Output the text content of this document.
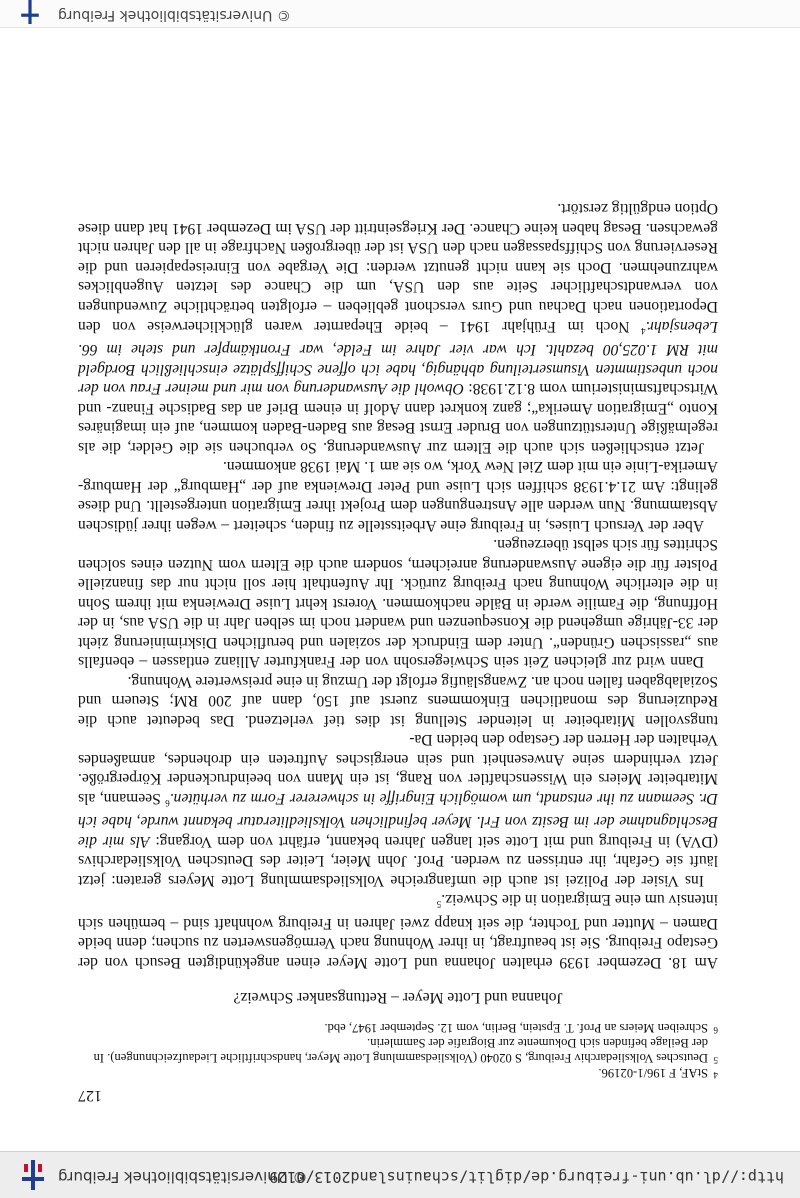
http://dl.ub.uni-freiburg.de/diglit/schauinsland2013/0129
© Universitätsbibliothek Freiburg
127

4
StAF, F 196/1-02196.

5
Deutsches Volksliedarchiv Freiburg, S 02040 (Volksliedsammlung Lotte Meyer, handschriftliche Liedaufzeichnungen). In der Beilage befinden sich Dokumente zur Biografie der Sammlerin.

6
Schreiben Meiers an Prof. T. Epstein, Berlin, vom 12. September 1947, ebd.

Johanna und Lotte Meyer – Rettungsanker Schweiz?

Am 18. Dezember 1939 erhalten Johanna und Lotte Meyer einen angekündigten Besuch von der Gestapo Freiburg. Sie ist beauftragt, in ihrer Wohnung nach Vermögenswerten zu suchen; denn beide Damen – Mutter und Tochter, die seit knapp zwei Jahren in Freiburg wohnhaft sind – bemühen sich intensiv um eine Emigration in die Schweiz.$^5$

Ins Visier der Polizei ist auch die umfangreiche Volksliedsammlung Lotte Meyers geraten: jetzt läuft sie Gefahr, ihr entrissen zu werden. Prof. John Meier, Leiter des Deutschen Volksliedarchivs (DVA) in Freiburg und mit Lotte seit langen Jahren bekannt, erfährt von dem Vorgang: Als mir die Beschlagnahme der im Besitz von Frl. Meyer befindlichen Volksliedliteratur bekannt wurde, habe ich Dr. Seemann zu ihr entsandt, um womöglich Eingriffe in schwererer Form zu verhüten.$^6$ Seemann, als Mitarbeiter Meiers ein Wissenschaftler von Rang, ist ein Mann von beeindruckender Körpergröße. Jetzt verhindern seine Anwesenheit und sein energisches Auftreten ein drohendes, anmaßendes Verhalten der Herren der Gestapo den beiden Da-

tungsvollen Mitarbeiter in leitender Stellung ist dies tief verletzend. Das bedeutet auch die Reduzierung des monatlichen Einkommens zuerst auf 150, dann auf 200 RM; Steuern und Sozialabgaben fallen noch an. Zwangsläufig erfolgt der Umzug in eine preiswertere Wohnung.

Dann wird zur gleichen Zeit sein Schwiegersohn von der Frankfurter Allianz entlassen – ebenfalls aus „rassischen Gründen“. Unter dem Eindruck der sozialen und beruflichen Diskriminierung zieht der 33-Jährige umgehend die Konsequenzen und wandert noch im selben Jahr in die USA aus, in der Hoffnung, die Familie werde in Bälde nachkommen. Vorerst kehrt Luise Drewienka mit ihrem Sohn in die elterliche Wohnung nach Freiburg zurück. Ihr Aufenthalt hier soll nicht nur das finanzielle Polster für die eigene Auswanderung anreichern, sondern auch die Eltern vom Nutzen eines solchen Schrittes für sich selbst überzeugen.

Aber der Versuch Luises, in Freiburg eine Arbeitsstelle zu finden, scheitert – wegen ihrer jüdischen Abstammung. Nun werden alle Anstrengungen dem Projekt ihrer Emigration untergestellt. Und diese gelingt: Am 21.4.1938 schiffen sich Luise und Peter Drewienka auf der „Hamburg“ der Hamburg-Amerika-Linie ein mit dem Ziel New York, wo sie am 1. Mai 1938 ankommen.

Jetzt entschließen sich auch die Eltern zur Auswanderung. So verbuchen sie die Gelder, die als regelmäßige Unterstützungen von Bruder Ernst Besag aus Baden-Baden kommen, auf ein imaginäres Konto „Emigration Amerika“; ganz konkret dann Adolf in einem Brief an das Badische Finanz- und Wirtschaftsministerium vom 8.12.1938: Obwohl die Auswanderung von mir und meiner Frau von der noch unbestimmten Visumserteilung abhängig, habe ich offene Schiffsplätze einschließlich Bordgeld mit RM 1.025,00 bezahlt. Ich war vier Jahre im Felde, war Frontkämpfer und stehe im 66. Lebensjahr.$^4$ Noch im Frühjahr 1941 – beide Eheparnter waren glücklicherweise von den Deportationen nach Dachau und Gurs verschont geblieben – erfolgten beträchtliche Zuwendungen von verwandtschaftlicher Seite aus den USA, um die Chance des letzten Augenblickes wahrzunehmen. Doch sie kann nicht genutzt werden: Die Vergabe von Einreisepapieren und die Reservierung von Schiffspassagen nach den USA ist der übergroßen Nachfrage in all den Jahren nicht gewachsen. Besag haben keine Chance. Der Kriegseintritt der USA im Dezember 1941 hat dann diese Option endgültig zerstört.

© Universitätsbibliothek Freiburg
